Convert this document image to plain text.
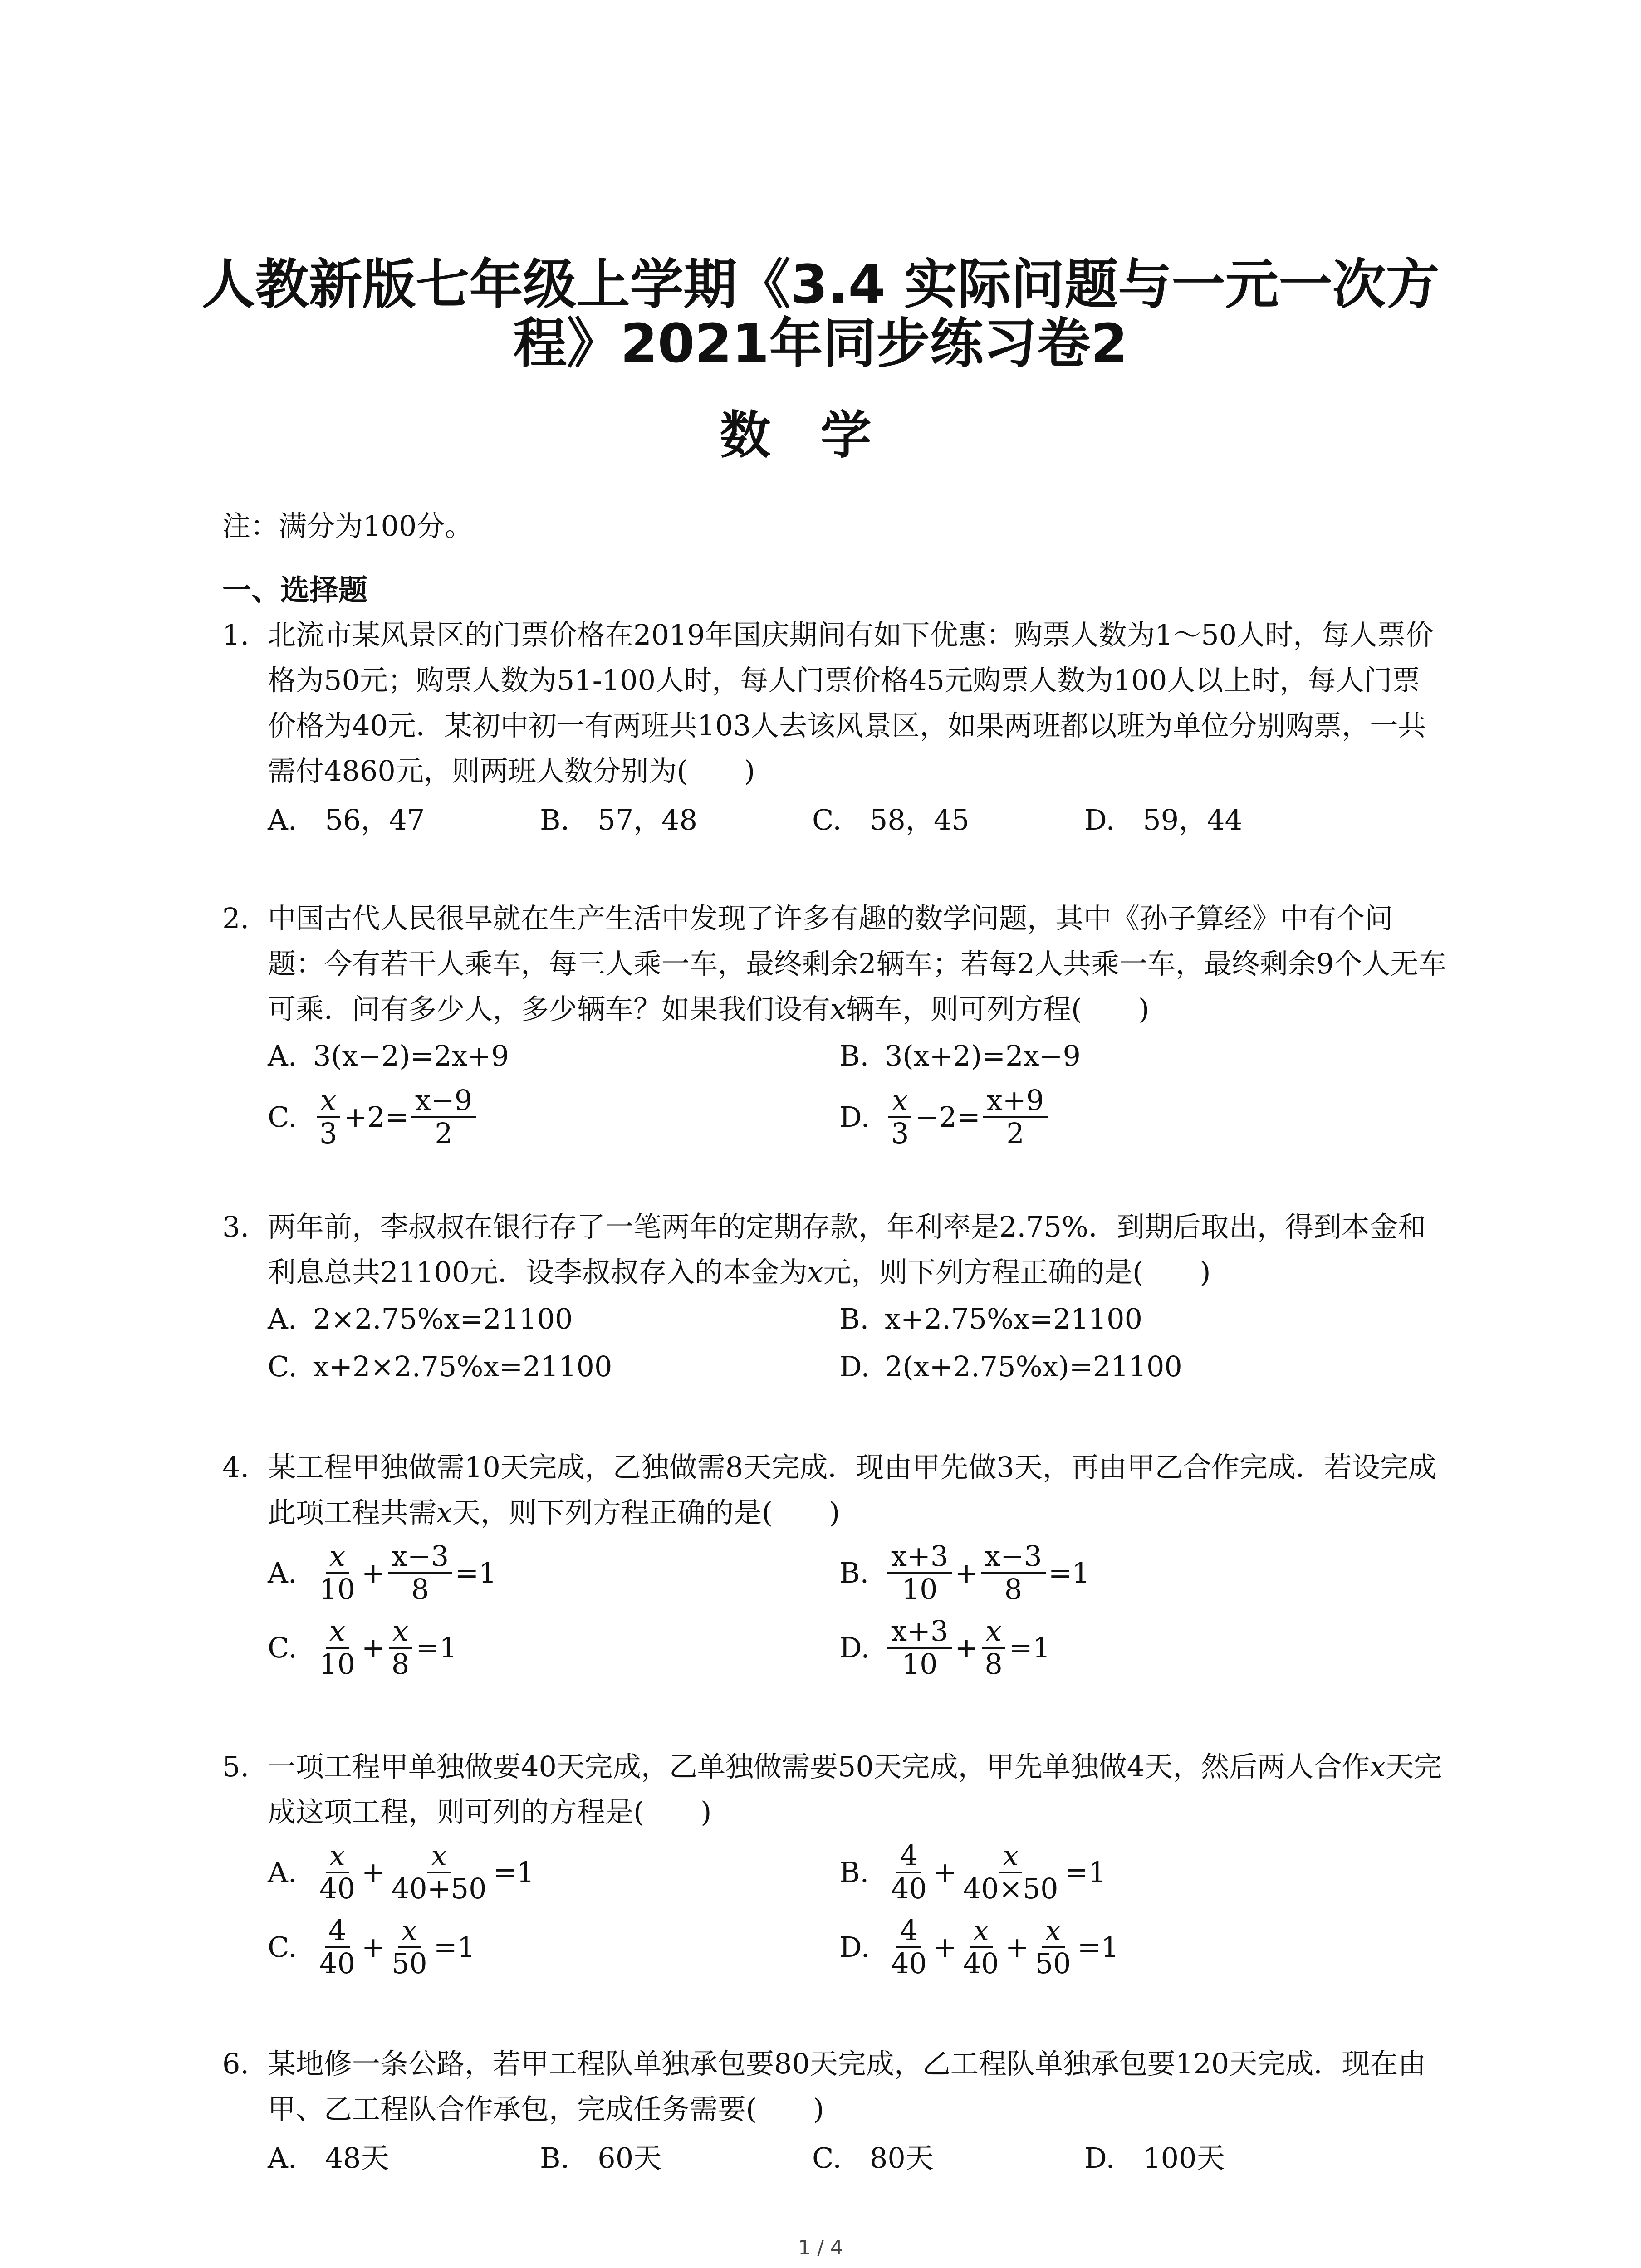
人教新版七年级上学期《3.4 实际问题与一元一次方
程》2021年同步练习卷2
数学
注：满分为100分。
一、选择题
1. 北流市某风景区的门票价格在2019年国庆期间有如下优惠：购票人数为1～50人时，每人票价格为50元；购票人数为51-100人时，每人门票价格45元购票人数为100人以上时，每人门票价格为40元．某初中初一有两班共103人去该风景区，如果两班都以班为单位分别购票，一共需付4860元，则两班人数分别为(　　)
A.　56，47	B.　57，48	C.　58，45	D.　59，44
2. 中国古代人民很早就在生产生活中发现了许多有趣的数学问题，其中《孙子算经》中有个问题：今有若干人乘车，每三人乘一车，最终剩余2辆车；若每2人共乘一车，最终剩余9个人无车可乘．问有多少人，多少辆车？如果我们设有x辆车，则可列方程(　　)
A. 3(x−2)=2x+9	B. 3(x+2)=2x−9
C. $\frac{x}{3} +2= \frac{x-9}{2}$	D. $\frac{x}{3} -2= \frac{x+9}{2}$
3. 两年前，李叔叔在银行存了一笔两年的定期存款，年利率是2.75%．到期后取出，得到本金和利息总共21100元．设李叔叔存入的本金为x元，则下列方程正确的是(　　)
A. 2×2.75%x=21100	B. x+2.75%x=21100
C. x+2×2.75%x=21100	D. 2(x+2.75%x)=21100
4. 某工程甲独做需10天完成，乙独做需8天完成．现由甲先做3天，再由甲乙合作完成．若设完成此项工程共需x天，则下列方程正确的是(　　)
A. $\frac{x}{10} + \frac{x-3}{8} =1$	B. $\frac{x+3}{10} + \frac{x-3}{8} =1$
C. $\frac{x}{10} + \frac{x}{8} =1$	D. $\frac{x+3}{10} + \frac{x}{8} =1$
5. 一项工程甲单独做要40天完成，乙单独做需要50天完成，甲先单独做4天，然后两人合作x天完成这项工程，则可列的方程是(　　)
A. $\frac{x}{40} + \frac{x}{40+50} =1$	B. $\frac{4}{40} + \frac{x}{40\times 50} =1$
C. $\frac{4}{40} + \frac{x}{50} =1$	D. $\frac{4}{40} + \frac{x}{40} + \frac{x}{50} =1$
6. 某地修一条公路，若甲工程队单独承包要80天完成，乙工程队单独承包要120天完成．现在由甲、乙工程队合作承包，完成任务需要(　　)
A.　48天	B.　60天	C.　80天	D.　100天
1 / 4
